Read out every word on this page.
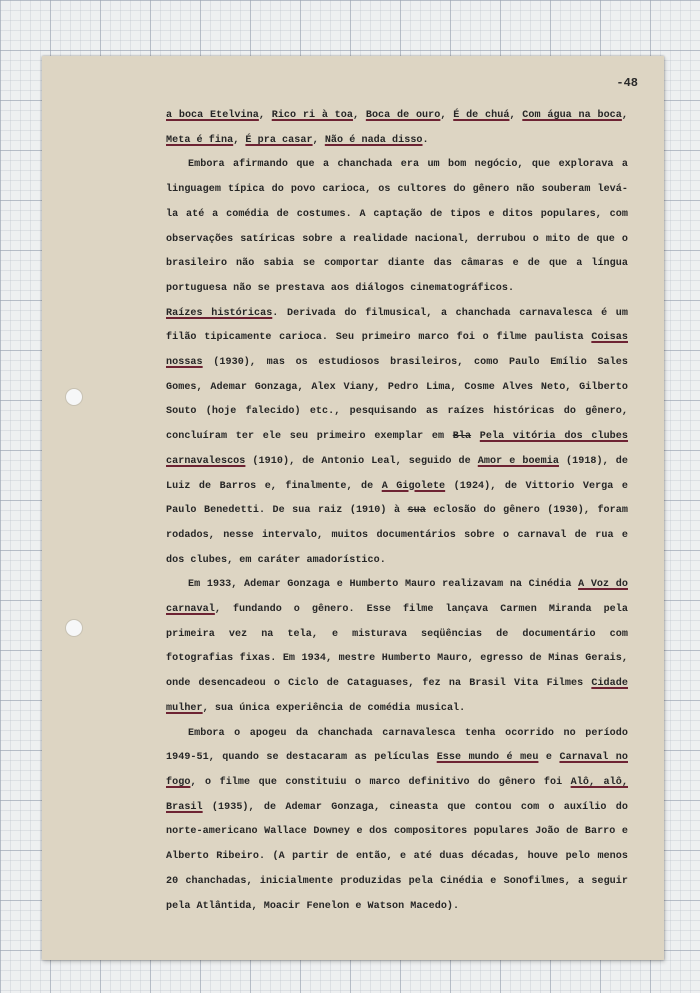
-48

a boca Etelvina, Rico ri à toa, Boca de ouro, É de chuá, Com água na boca, Meta é fina, É pra casar, Não é nada disso.

Embora afirmando que a chanchada era um bom negócio, que explorava a linguagem típica do povo carioca, os cultores do gênero não souberam levá-la até a comédia de costumes. A captação de tipos e ditos populares, com observações satíricas sobre a realidade nacional, derrubou o mito de que o brasileiro não sabia se comportar diante das câmaras e de que a língua portuguesa não se prestava aos diálogos cinematográficos.

Raízes históricas. Derivada do filmusical, a chanchada carnavalesca é um filão tipicamente carioca. Seu primeiro marco foi o filme paulista Coisas nossas (1930), mas os estudiosos brasileiros, como Paulo Emílio Sales Gomes, Ademar Gonzaga, Alex Viany, Pedro Lima, Cosme Alves Neto, Gilberto Souto (hoje falecido) etc., pesquisando as raízes históricas do gênero, concluíram ter ele seu primeiro exemplar em Bla Pela vitória dos clubes carnavalescos (1910), de Antonio Leal, seguido de Amor e boemia (1918), de Luiz de Barros e, finalmente, de A Gigolete (1924), de Vittorio Verga e Paulo Benedetti. De sua raiz (1910) à sua eclosão do gênero (1930), foram rodados, nesse intervalo, muitos documentários sobre o carnaval de rua e dos clubes, em caráter amadorístico.

Em 1933, Ademar Gonzaga e Humberto Mauro realizavam na Cinédia A Voz do carnaval, fundando o gênero. Esse filme lançava Carmen Miranda pela primeira vez na tela, e misturava seqüências de documentário com fotografias fixas. Em 1934, mestre Humberto Mauro, egresso de Minas Gerais, onde desencadeou o Ciclo de Cataguases, fez na Brasil Vita Filmes Cidade mulher, sua única experiência de comédia musical.

Embora o apogeu da chanchada carnavalesca tenha ocorrido no período 1949-51, quando se destacaram as películas Esse mundo é meu e Carnaval no fogo, o filme que constituiu o marco definitivo do gênero foi Alô, alô, Brasil (1935), de Ademar Gonzaga, cineasta que contou com o auxílio do norte-americano Wallace Downey e dos compositores populares João de Barro e Alberto Ribeiro. (A partir de então, e até duas décadas, houve pelo menos 20 chanchadas, inicialmente produzidas pela Cinédia e Sonofilmes, a seguir pela Atlântida, Moacir Fenelon e Watson Macedo).
